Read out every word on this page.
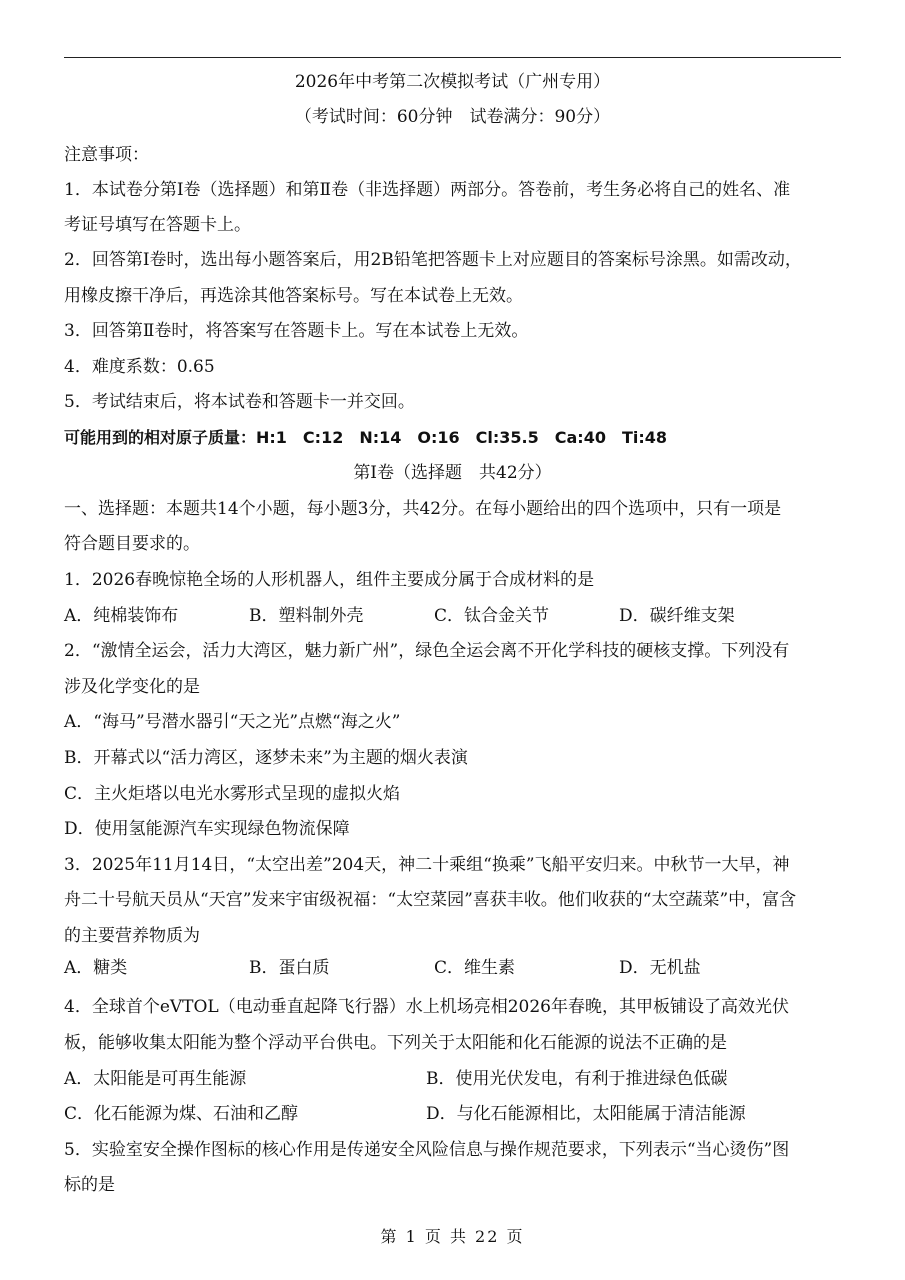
2026年中考第二次模拟考试（广州专用）
（考试时间：60分钟　试卷满分：90分）
注意事项：
1．本试卷分第Ⅰ卷（选择题）和第Ⅱ卷（非选择题）两部分。答卷前，考生务必将自己的姓名、准
考证号填写在答题卡上。
2．回答第Ⅰ卷时，选出每小题答案后，用2B铅笔把答题卡上对应题目的答案标号涂黑。如需改动，
用橡皮擦干净后，再选涂其他答案标号。写在本试卷上无效。
3．回答第Ⅱ卷时，将答案写在答题卡上。写在本试卷上无效。
4．难度系数：0.65
5．考试结束后，将本试卷和答题卡一并交回。
可能用到的相对原子质量：H:1　C:12　N:14　O:16　Cl:35.5　Ca:40　Ti:48
第Ⅰ卷（选择题　共42分）
一、选择题：本题共14个小题，每小题3分，共42分。在每小题给出的四个选项中，只有一项是
符合题目要求的。
1．2026春晚惊艳全场的人形机器人，组件主要成分属于合成材料的是
A．纯棉装饰布	B．塑料制外壳	C．钛合金关节	D．碳纤维支架
2．“激情全运会，活力大湾区，魅力新广州”，绿色全运会离不开化学科技的硬核支撑。下列没有
涉及化学变化的是
A．“海马”号潜水器引“天之光”点燃“海之火”
B．开幕式以“活力湾区，逐梦未来”为主题的烟火表演
C．主火炬塔以电光水雾形式呈现的虚拟火焰
D．使用氢能源汽车实现绿色物流保障
3．2025年11月14日，“太空出差”204天，神二十乘组“换乘”飞船平安归来。中秋节一大早，神
舟二十号航天员从“天宫”发来宇宙级祝福：“太空菜园”喜获丰收。他们收获的“太空蔬菜”中，富含
的主要营养物质为
A．糖类	B．蛋白质	C．维生素	D．无机盐
4．全球首个eVTOL（电动垂直起降飞行器）水上机场亮相2026年春晚，其甲板铺设了高效光伏
板，能够收集太阳能为整个浮动平台供电。下列关于太阳能和化石能源的说法不正确的是
A．太阳能是可再生能源	B．使用光伏发电，有利于推进绿色低碳
C．化石能源为煤、石油和乙醇	D．与化石能源相比，太阳能属于清洁能源
5．实验室安全操作图标的核心作用是传递安全风险信息与操作规范要求，下列表示“当心烫伤”图
标的是
第 1 页 共 22 页
